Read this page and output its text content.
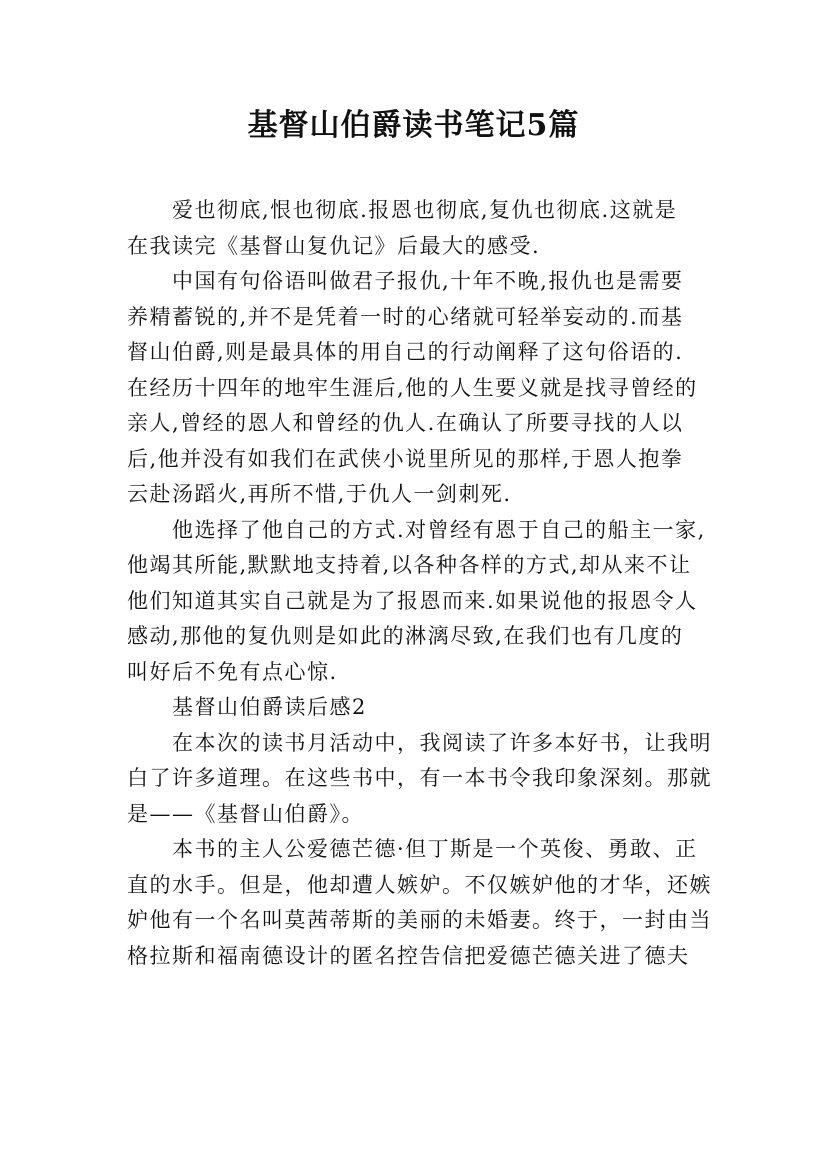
基督山伯爵读书笔记5篇
爱也彻底,恨也彻底.报恩也彻底,复仇也彻底.这就是
在我读完《基督山复仇记》后最大的感受.
中国有句俗语叫做君子报仇,十年不晚,报仇也是需要
养精蓄锐的,并不是凭着一时的心绪就可轻举妄动的.而基
督山伯爵,则是最具体的用自己的行动阐释了这句俗语的.
在经历十四年的地牢生涯后,他的人生要义就是找寻曾经的
亲人,曾经的恩人和曾经的仇人.在确认了所要寻找的人以
后,他并没有如我们在武侠小说里所见的那样,于恩人抱拳
云赴汤蹈火,再所不惜,于仇人一剑刺死.
他选择了他自己的方式.对曾经有恩于自己的船主一家,
他竭其所能,默默地支持着,以各种各样的方式,却从来不让
他们知道其实自己就是为了报恩而来.如果说他的报恩令人
感动,那他的复仇则是如此的淋漓尽致,在我们也有几度的
叫好后不免有点心惊.
基督山伯爵读后感2
在本次的读书月活动中，我阅读了许多本好书，让我明
白了许多道理。在这些书中，有一本书令我印象深刻。那就
是——《基督山伯爵》。
本书的主人公爱德芒德·但丁斯是一个英俊、勇敢、正
直的水手。但是，他却遭人嫉妒。不仅嫉妒他的才华，还嫉
妒他有一个名叫莫茜蒂斯的美丽的未婚妻。终于，一封由当
格拉斯和福南德设计的匿名控告信把爱德芒德关进了德夫
